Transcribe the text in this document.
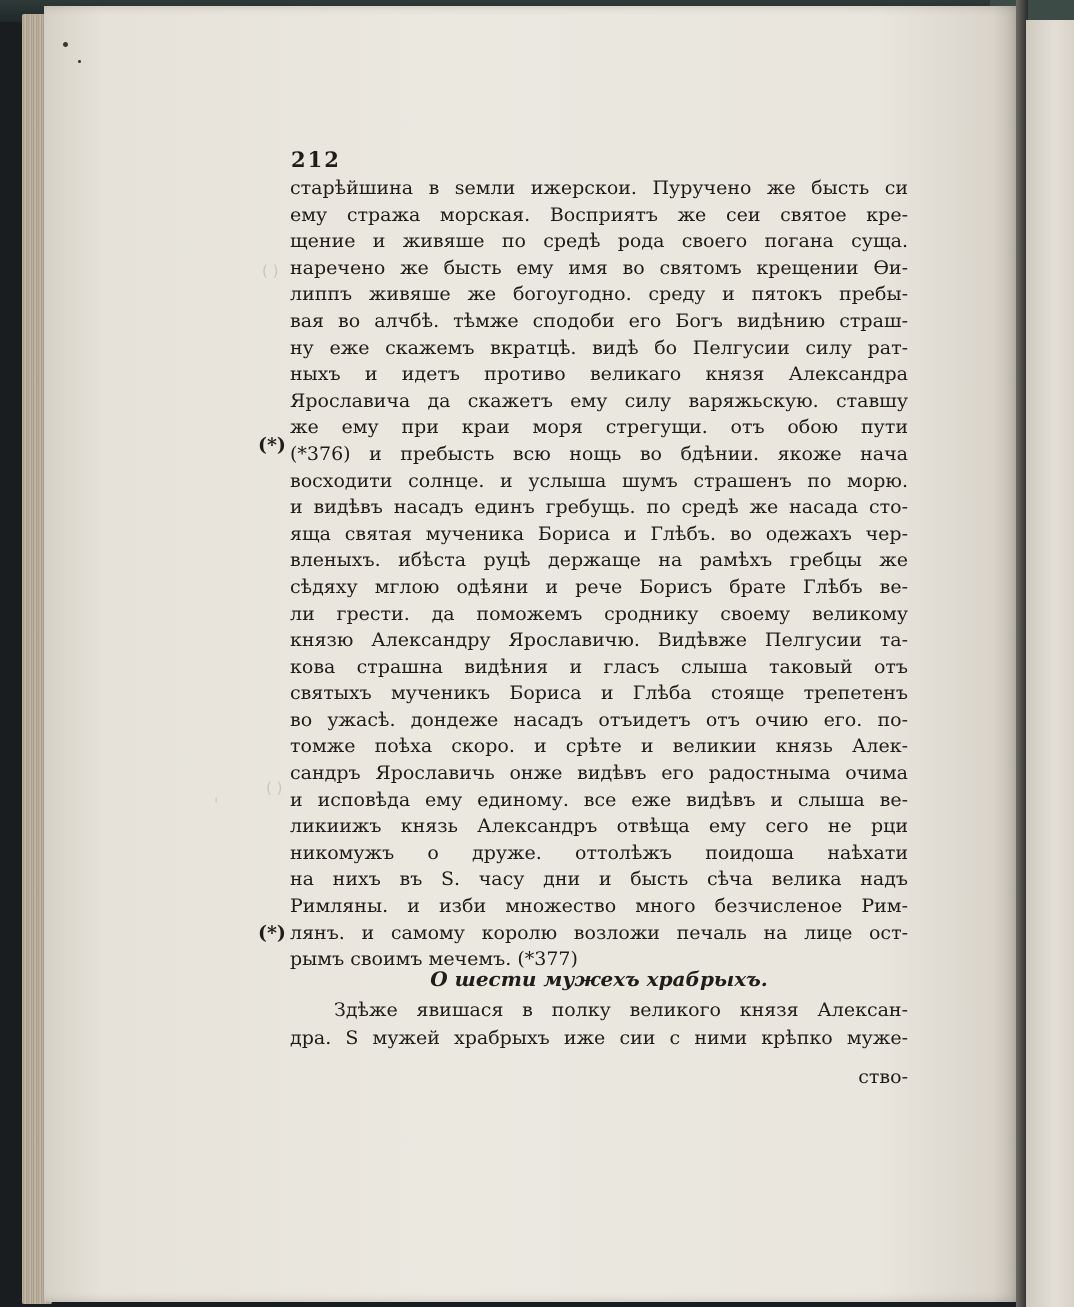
( )
( )
'
212
(*)
(*)
старѣйшина в ѕемли ижерскои. Пуручено же бысть си
ему стража морская. Восприятъ же сеи святое кре-
щение и живяше по средѣ рода своего погана суща.
наречено же бысть ему имя во святомъ крещении Өи-
липпъ живяше же богоугодно. среду и пятокъ пребы-
вая во алчбѣ. тѣмже сподоби его Богъ видѣнию страш-
ну еже скажемъ вкратцѣ. видѣ бо Пелгусии силу рат-
ныхъ и идетъ противо великаго князя Александра
Ярославича да скажетъ ему силу варяжьскую. ставшу
же ему при краи моря стрегущи. отъ обою пути
(*376) и пребысть всю нощь во бдѣнии. якоже нача
восходити солнце. и услыша шумъ страшенъ по морю.
и видѣвъ насадъ единъ гребущь. по средѣ же насада сто-
яща святая мученика Бориса и Глѣбъ. во одежахъ чер-
вленыхъ. ибѣста руцѣ держаще на рамѣхъ гребцы же
сѣдяху мглою одѣяни и рече Борисъ брате Глѣбъ ве-
ли грести. да поможемъ сроднику своему великому
князю Александру Ярославичю. Видѣвже Пелгусии та-
кова страшна видѣния и гласъ слыша таковый отъ
святыхъ мученикъ Бориса и Глѣба стояще трепетенъ
во ужасѣ. дондеже насадъ отъидетъ отъ очию его. по-
томже поѣха скоро. и срѣте и великии князь Алек-
сандръ Ярославичь онже видѣвъ его радостныма очима
и исповѣда ему единому. все еже видѣвъ и слыша ве-
ликиижъ князь Александръ отвѣща ему сего не рци
никомужъ о друже. оттолѣжъ поидоша наѣхати
на нихъ въ Ѕ. часу дни и бысть сѣча велика надъ
Римляны. и изби множество много безчисленое Рим-
лянъ. и самому королю возложи печаль на лице ост-
рымъ своимъ мечемъ. (*377)
О шести мужехъ храбрыхъ.
Здѣже явишася в полку великого князя Алексан-
дра. Ѕ мужей храбрыхъ иже сии с ними крѣпко муже-
ство-
